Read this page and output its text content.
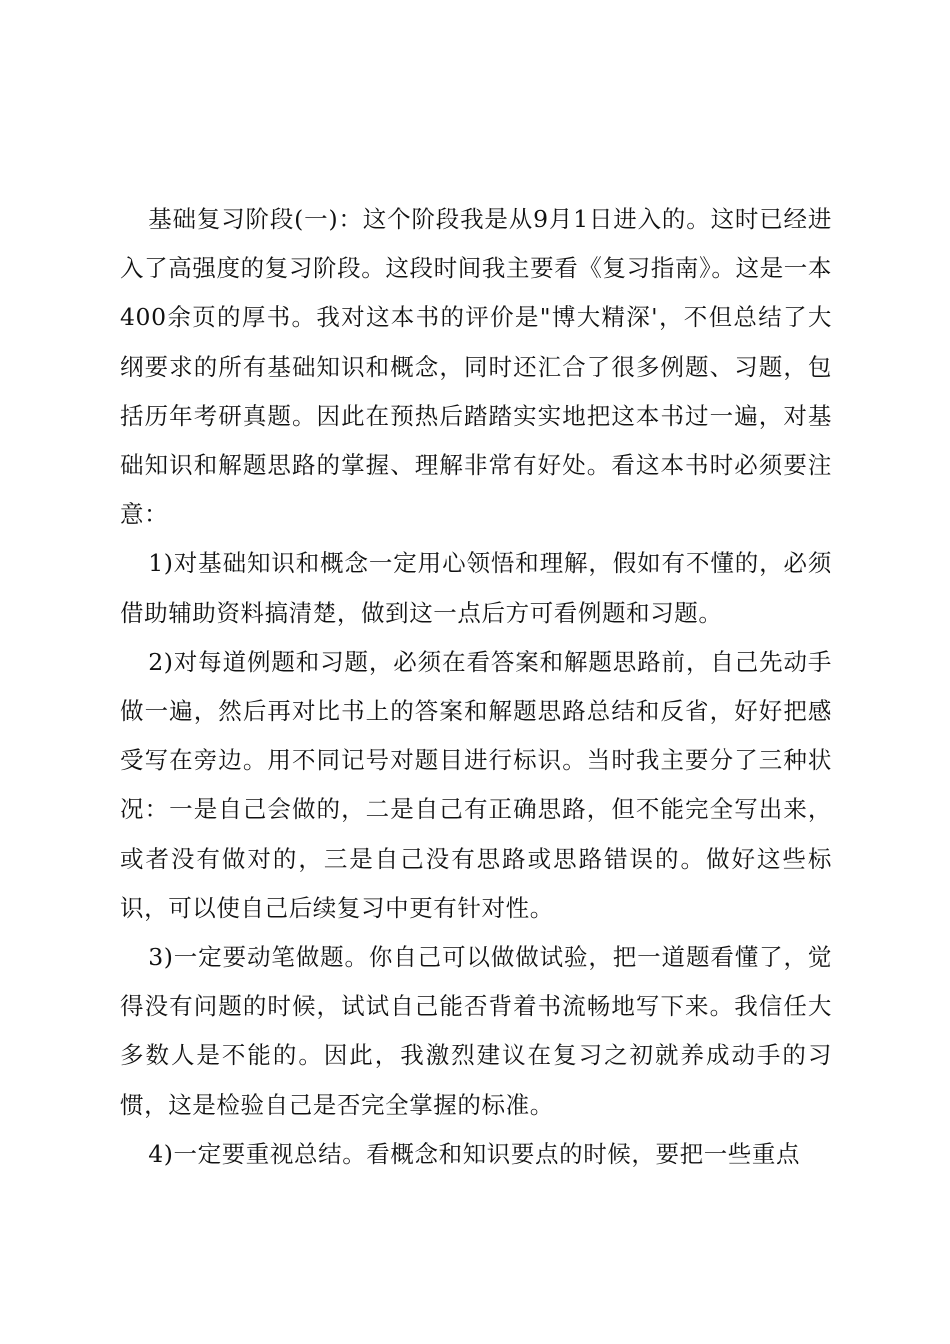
基础复习阶段(一)：这个阶段我是从9月1日进入的。这时已经进入了高强度的复习阶段。这段时间我主要看《复习指南》。这是一本400余页的厚书。我对这本书的评价是"博大精深'，不但总结了大纲要求的所有基础知识和概念，同时还汇合了很多例题、习题，包括历年考研真题。因此在预热后踏踏实实地把这本书过一遍，对基础知识和解题思路的掌握、理解非常有好处。看这本书时必须要注意：

1)对基础知识和概念一定用心领悟和理解，假如有不懂的，必须借助辅助资料搞清楚，做到这一点后方可看例题和习题。

2)对每道例题和习题，必须在看答案和解题思路前，自己先动手做一遍，然后再对比书上的答案和解题思路总结和反省，好好把感受写在旁边。用不同记号对题目进行标识。当时我主要分了三种状况：一是自己会做的，二是自己有正确思路，但不能完全写出来，或者没有做对的，三是自己没有思路或思路错误的。做好这些标识，可以使自己后续复习中更有针对性。

3)一定要动笔做题。你自己可以做做试验，把一道题看懂了，觉得没有问题的时候，试试自己能否背着书流畅地写下来。我信任大多数人是不能的。因此，我激烈建议在复习之初就养成动手的习惯，这是检验自己是否完全掌握的标准。

4)一定要重视总结。看概念和知识要点的时候，要把一些重点
